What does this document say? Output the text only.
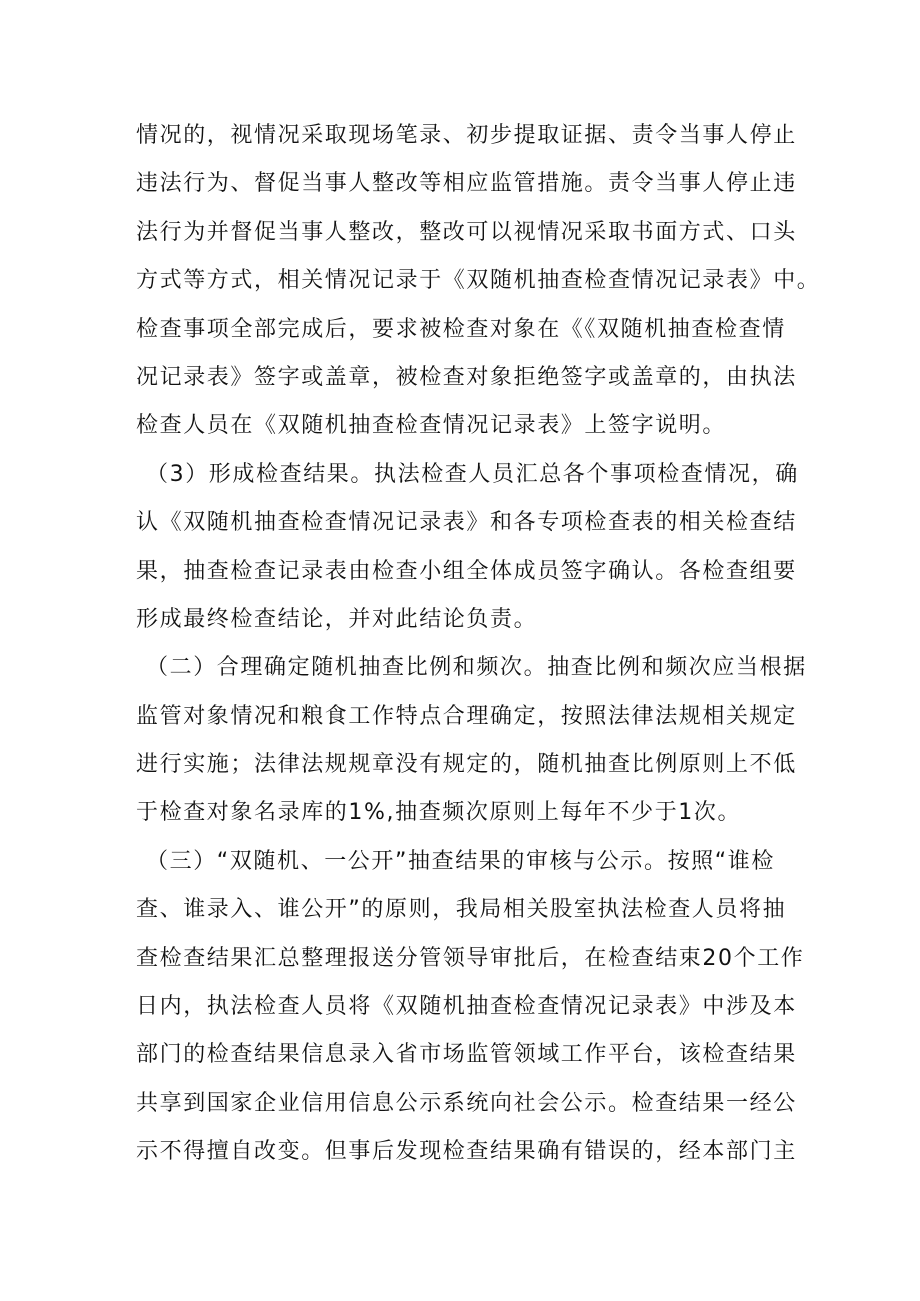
情况的，视情况采取现场笔录、初步提取证据、责令当事人停止
违法行为、督促当事人整改等相应监管措施。责令当事人停止违
法行为并督促当事人整改，整改可以视情况采取书面方式、口头
方式等方式，相关情况记录于《双随机抽查检查情况记录表》中。
检查事项全部完成后，要求被检查对象在《《双随机抽查检查情
况记录表》签字或盖章，被检查对象拒绝签字或盖章的，由执法
检查人员在《双随机抽查检查情况记录表》上签字说明。
（3）形成检查结果。执法检查人员汇总各个事项检查情况，确
认《双随机抽查检查情况记录表》和各专项检查表的相关检查结
果，抽查检查记录表由检查小组全体成员签字确认。各检查组要
形成最终检查结论，并对此结论负责。
（二）合理确定随机抽查比例和频次。抽查比例和频次应当根据
监管对象情况和粮食工作特点合理确定，按照法律法规相关规定
进行实施；法律法规规章没有规定的，随机抽查比例原则上不低
于检查对象名录库的1%,抽查频次原则上每年不少于1次。
（三）“双随机、一公开”抽查结果的审核与公示。按照“谁检
查、谁录入、谁公开”的原则，我局相关股室执法检查人员将抽
查检查结果汇总整理报送分管领导审批后，在检查结束20个工作
日内，执法检查人员将《双随机抽查检查情况记录表》中涉及本
部门的检查结果信息录入省市场监管领域工作平台，该检查结果
共享到国家企业信用信息公示系统向社会公示。检查结果一经公
示不得擅自改变。但事后发现检查结果确有错误的，经本部门主
